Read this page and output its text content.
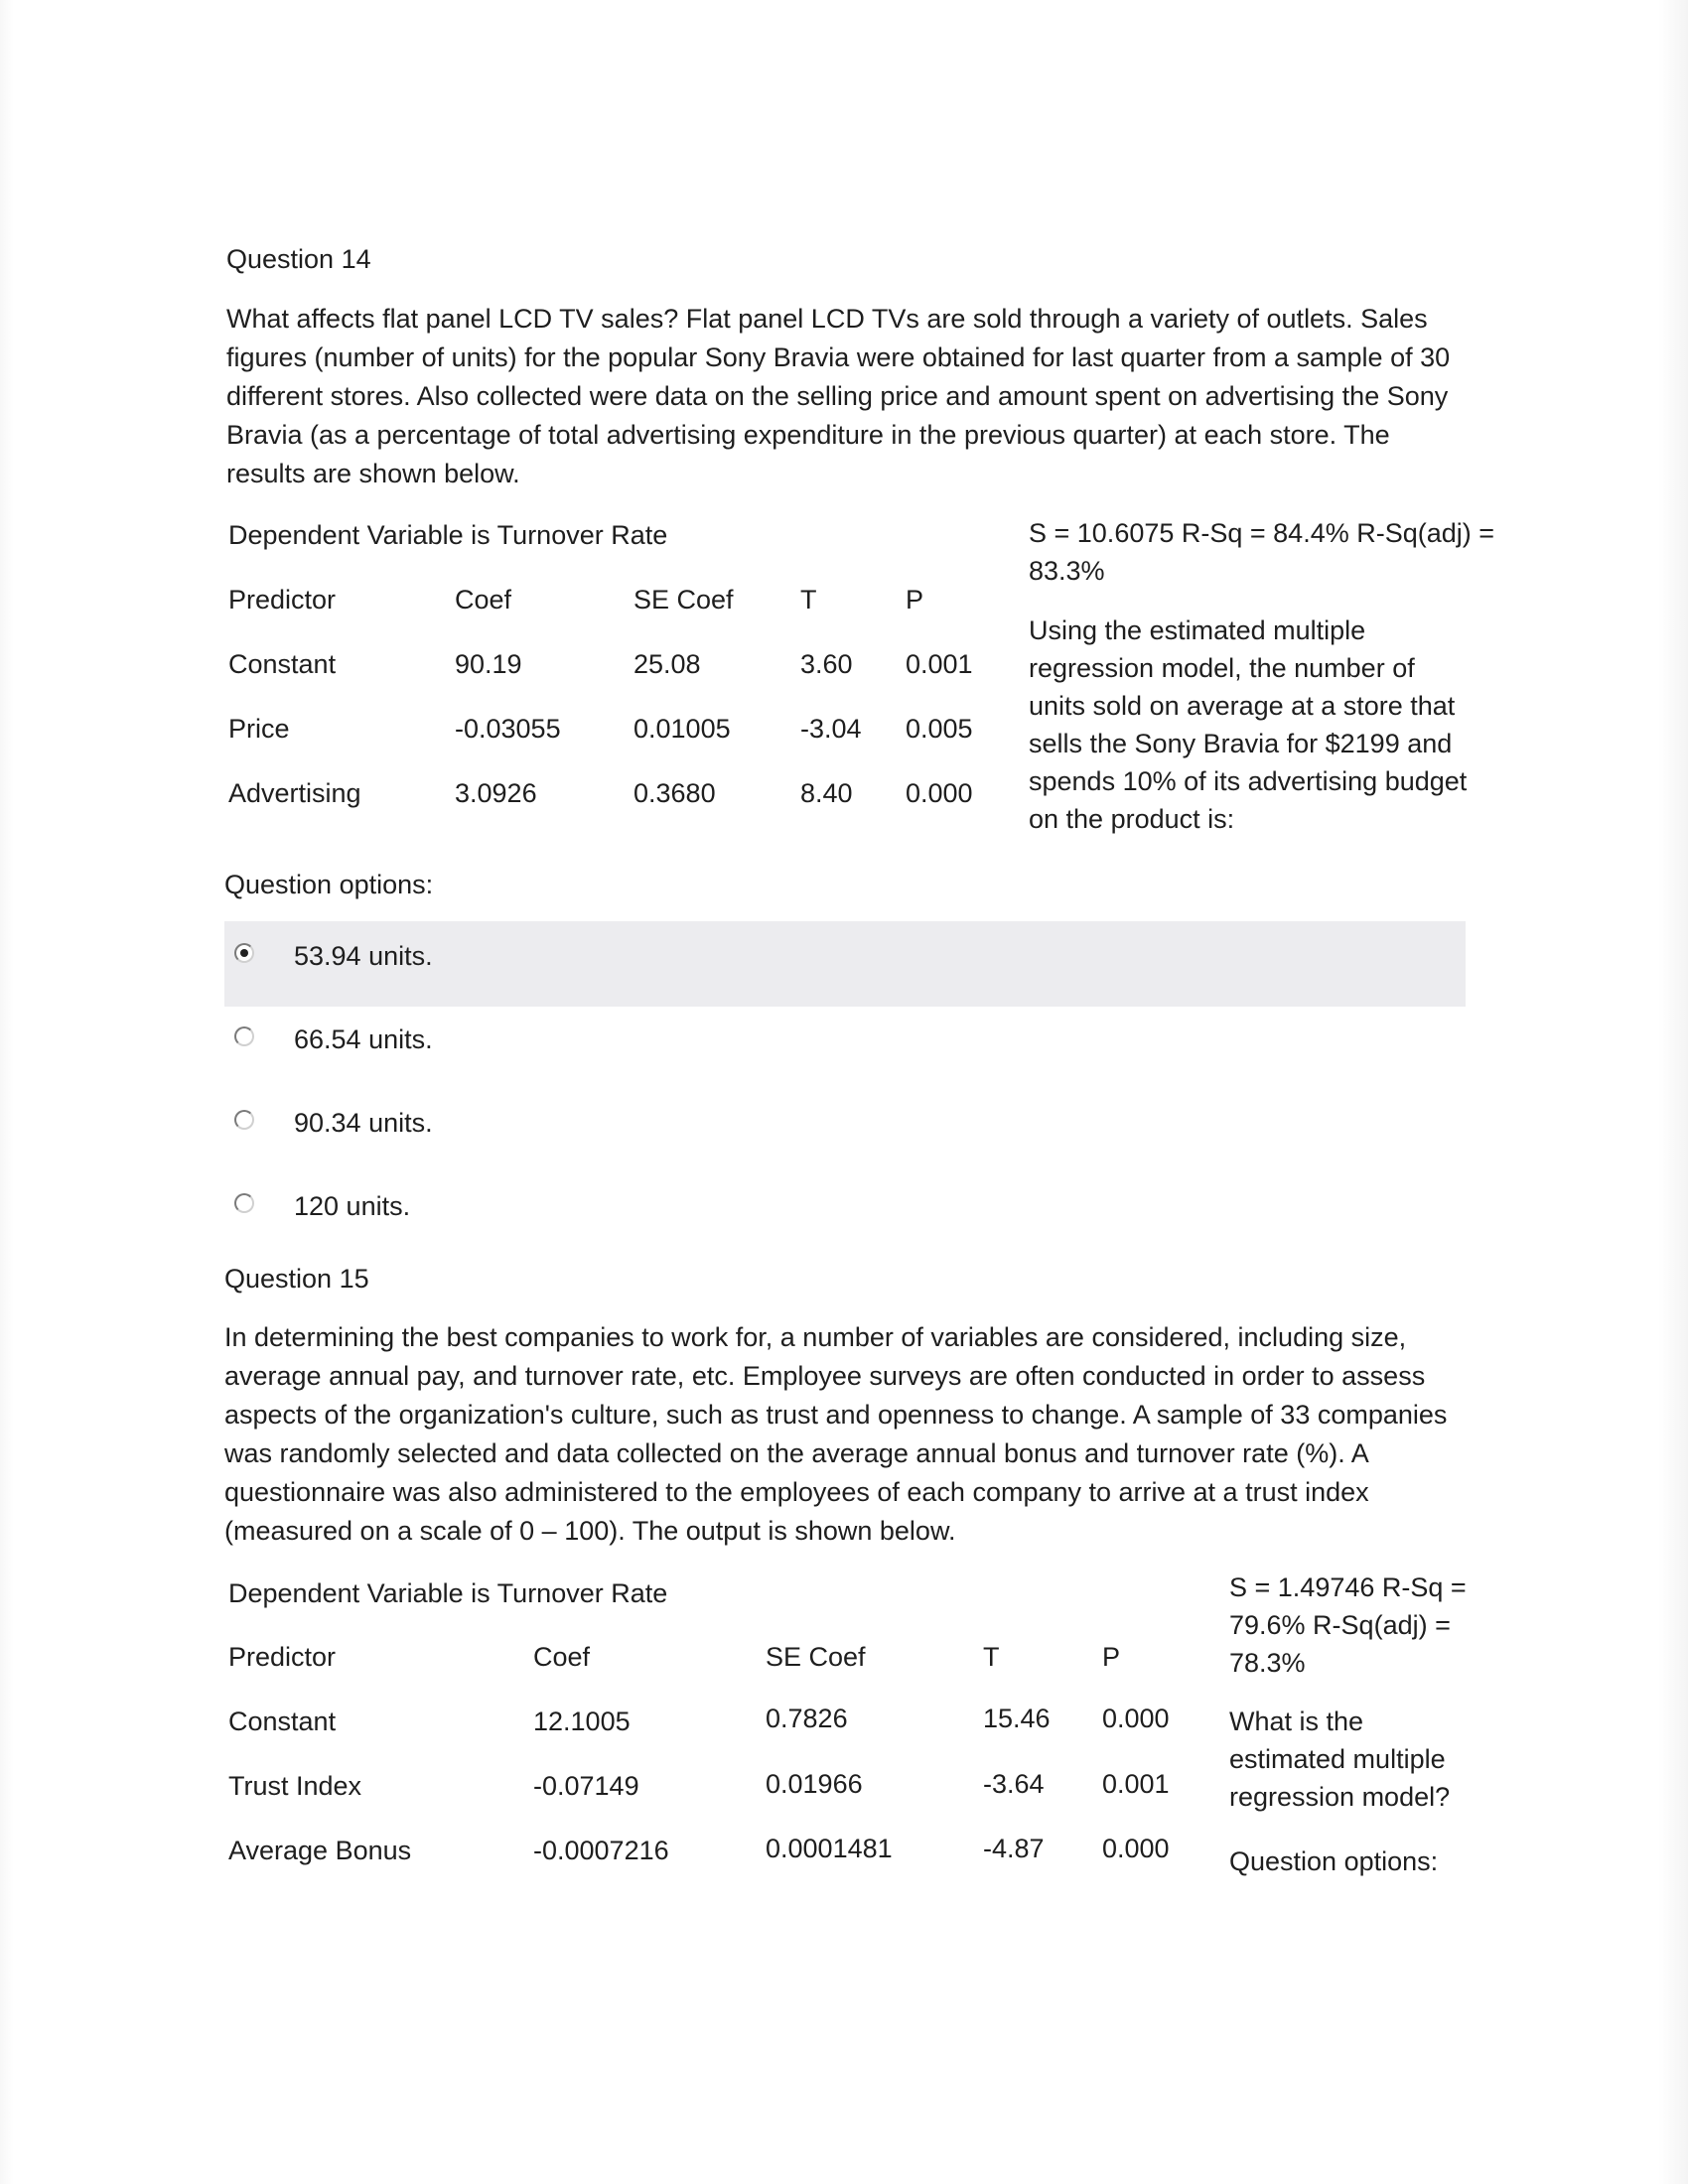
Question 14
What affects flat panel LCD TV sales? Flat panel LCD TVs are sold through a variety of outlets. Sales
figures (number of units) for the popular Sony Bravia were obtained for last quarter from a sample of 30
different stores. Also collected were data on the selling price and amount spent on advertising the Sony
Bravia (as a percentage of total advertising expenditure in the previous quarter) at each store. The
results are shown below.
Dependent Variable is Turnover Rate
Predictor	Coef	SE Coef T	P
Constant	90.19	25.08	3.60 0.001
Price	-0.03055	0.01005	-3.04 0.005
Advertising	3.0926	0.3680	8.40 0.000
S = 10.6075 R-Sq = 84.4% R-Sq(adj) =
83.3%
Using the estimated multiple
regression model, the number of
units sold on average at a store that
sells the Sony Bravia for $2199 and
spends 10% of its advertising budget
on the product is:
Question options:
53.94 units.
66.54 units.
90.34 units.
120 units.
Question 15
In determining the best companies to work for, a number of variables are considered, including size,
average annual pay, and turnover rate, etc. Employee surveys are often conducted in order to assess
aspects of the organization's culture, such as trust and openness to change. A sample of 33 companies
was randomly selected and data collected on the average annual bonus and turnover rate (%). A
questionnaire was also administered to the employees of each company to arrive at a trust index
(measured on a scale of 0 – 100). The output is shown below.
Dependent Variable is Turnover Rate
Predictor	Coef	SE Coef	T	P
Constant	12.1005	0.7826	15.46 0.000
Trust Index	-0.07149	0.01966	-3.64 0.001
Average Bonus	-0.0007216	0.0001481	-4.87 0.000
S = 1.49746 R-Sq =
79.6% R-Sq(adj) =
78.3%
What is the
estimated multiple
regression model?
Question options:
